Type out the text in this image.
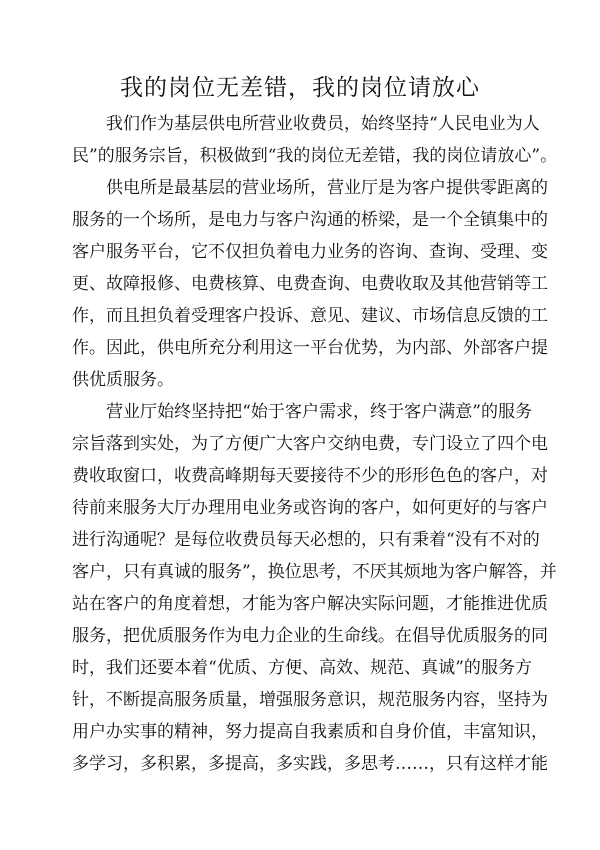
我的岗位无差错，我的岗位请放心
我们作为基层供电所营业收费员，始终坚持“人民电业为人
民”的服务宗旨，积极做到“我的岗位无差错，我的岗位请放心”。
供电所是最基层的营业场所，营业厅是为客户提供零距离的
服务的一个场所，是电力与客户沟通的桥梁，是一个全镇集中的
客户服务平台，它不仅担负着电力业务的咨询、查询、受理、变
更、故障报修、电费核算、电费查询、电费收取及其他营销等工
作，而且担负着受理客户投诉、意见、建议、市场信息反馈的工
作。因此，供电所充分利用这一平台优势，为内部、外部客户提
供优质服务。
营业厅始终坚持把“始于客户需求，终于客户满意”的服务
宗旨落到实处，为了方便广大客户交纳电费，专门设立了四个电
费收取窗口，收费高峰期每天要接待不少的形形色色的客户，对
待前来服务大厅办理用电业务或咨询的客户，如何更好的与客户
进行沟通呢？是每位收费员每天必想的，只有秉着“没有不对的
客户，只有真诚的服务”，换位思考，不厌其烦地为客户解答，并
站在客户的角度着想，才能为客户解决实际问题，才能推进优质
服务，把优质服务作为电力企业的生命线。在倡导优质服务的同
时，我们还要本着“优质、方便、高效、规范、真诚”的服务方
针，不断提高服务质量，增强服务意识，规范服务内容，坚持为
用户办实事的精神，努力提高自我素质和自身价值，丰富知识，
多学习，多积累，多提高，多实践，多思考……，只有这样才能
